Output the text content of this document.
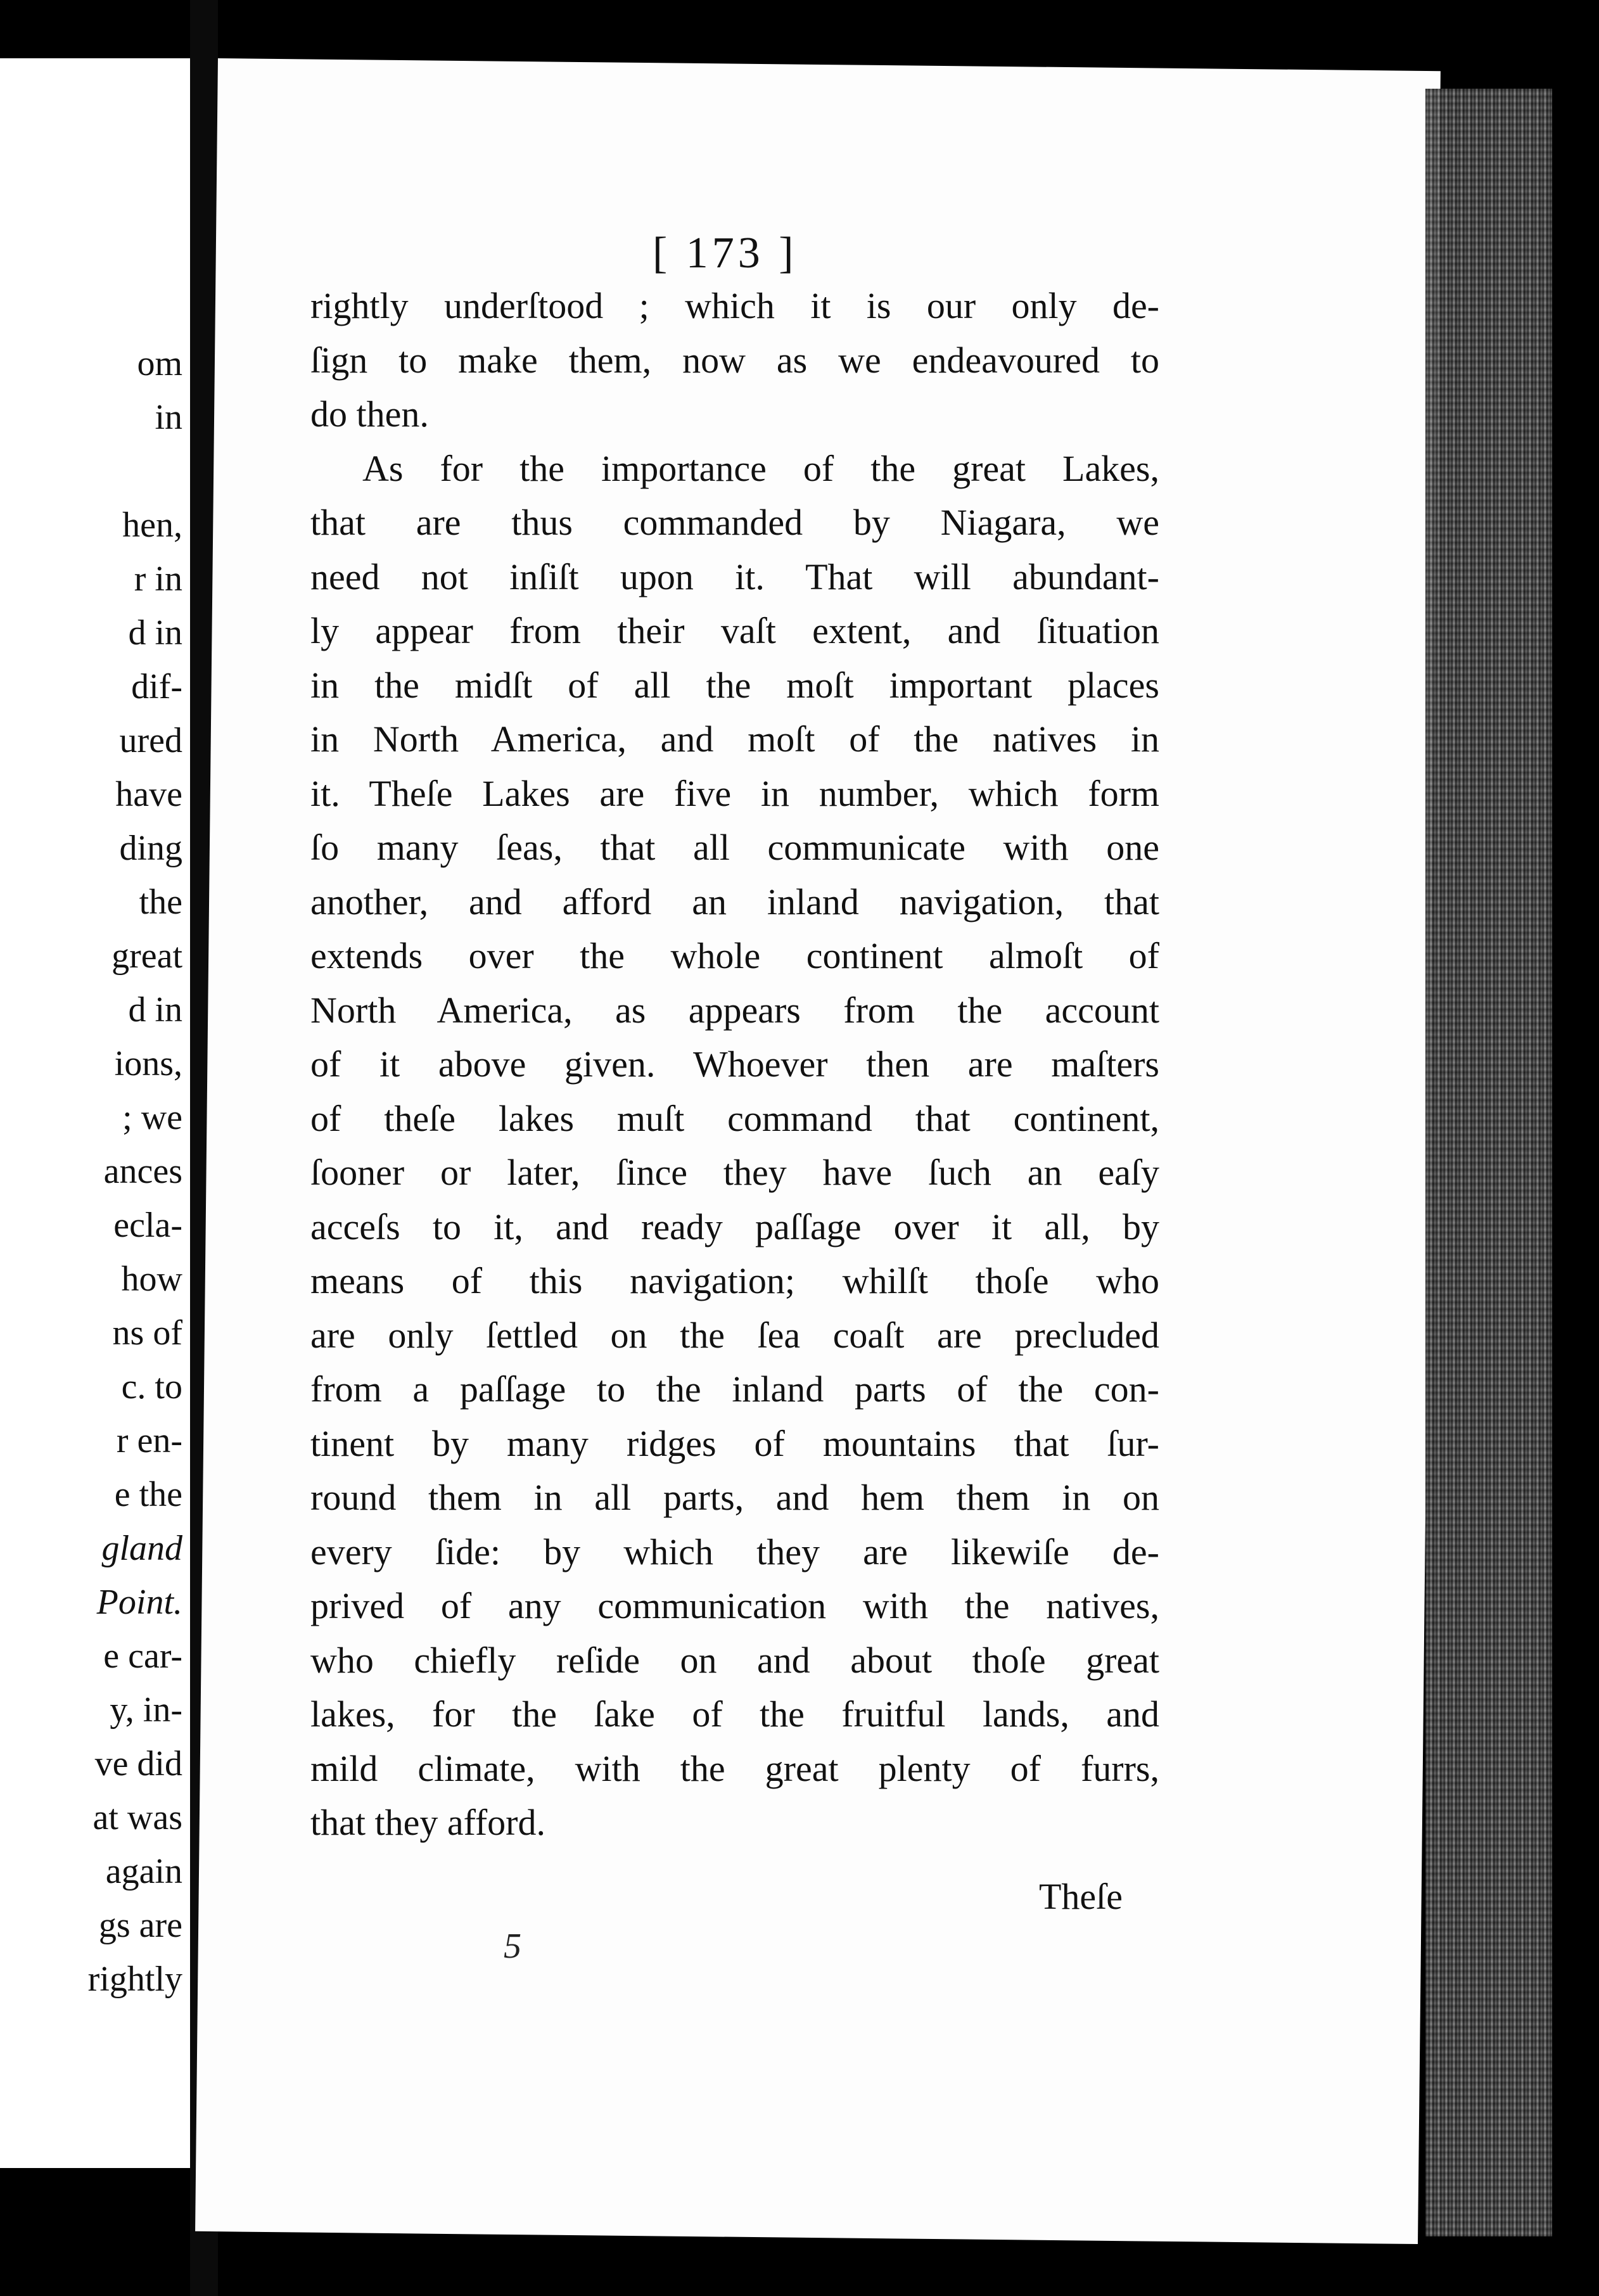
om
in

hen,
r in
d in
dif-
ured
have
ding
the
great
d in
ions,
; we
ances
ecla-
how
ns of
c. to
r en-
e the
gland
Point.
e car-
y, in-
ve did
at was
again
gs are
rightly
[ 173 ]
rightly underſtood ; which it is our only de-
ſign to make them, now as we endeavoured to
do then.
As for the importance of the great Lakes,
that are thus commanded by Niagara, we
need not inſiſt upon it. That will abundant-
ly appear from their vaſt extent, and ſituation
in the midſt of all the moſt important places
in North America, and moſt of the natives in
it. Theſe Lakes are five in number, which form
ſo many ſeas, that all communicate with one
another, and afford an inland navigation, that
extends over the whole continent almoſt of
North America, as appears from the account
of it above given. Whoever then are maſters
of theſe lakes muſt command that continent,
ſooner or later, ſince they have ſuch an eaſy
acceſs to it, and ready paſſage over it all, by
means of this navigation; whilſt thoſe who
are only ſettled on the ſea coaſt are precluded
from a paſſage to the inland parts of the con-
tinent by many ridges of mountains that ſur-
round them in all parts, and hem them in on
every ſide: by which they are likewiſe de-
prived of any communication with the natives,
who chiefly reſide on and about thoſe great
lakes, for the ſake of the fruitful lands, and
mild climate, with the great plenty of furrs,
that they afford.
Theſe
5
